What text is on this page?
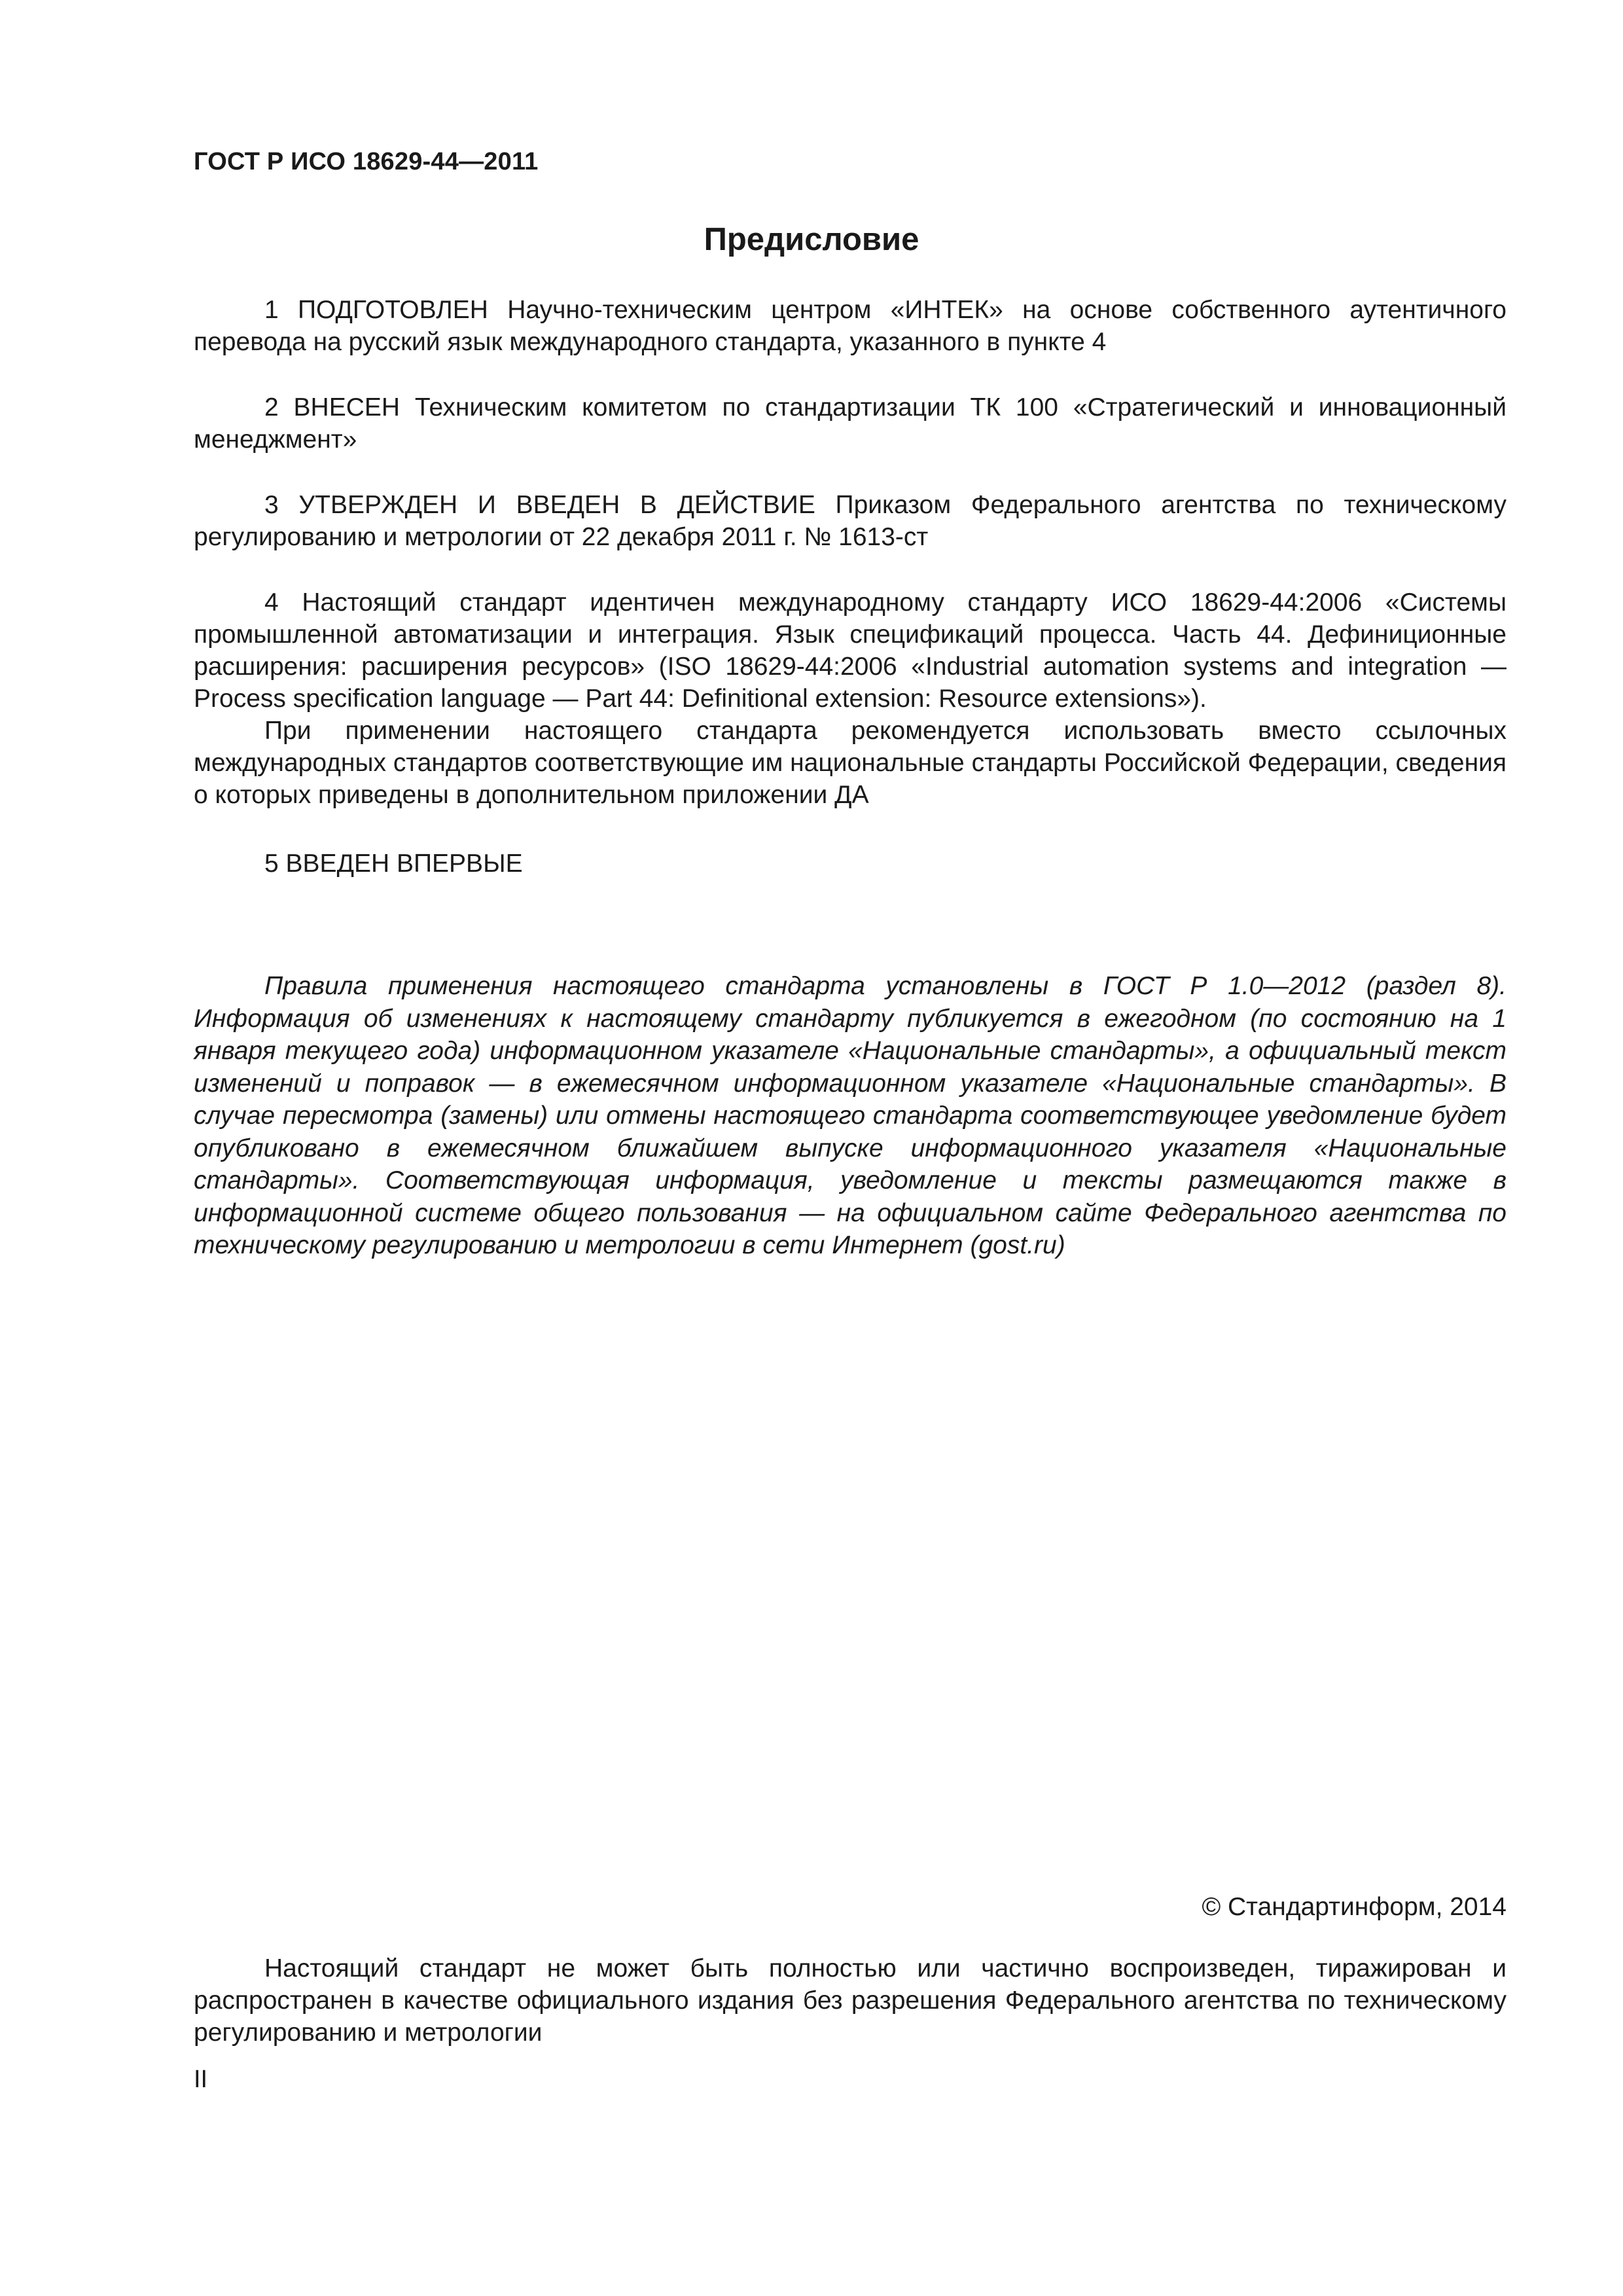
ГОСТ Р ИСО 18629-44—2011
Предисловие

1 ПОДГОТОВЛЕН Научно-техническим центром «ИНТЕК» на основе собственного аутентичного перевода на русский язык международного стандарта, указанного в пункте 4

2 ВНЕСЕН Техническим комитетом по стандартизации ТК 100 «Стратегический и инновационный менеджмент»

3 УТВЕРЖДЕН И ВВЕДЕН В ДЕЙСТВИЕ Приказом Федерального агентства по техническому регулированию и метрологии от 22 декабря 2011 г. № 1613-ст

4 Настоящий стандарт идентичен международному стандарту ИСО 18629-44:2006 «Системы промышленной автоматизации и интеграция. Язык спецификаций процесса. Часть 44. Дефиниционные расширения: расширения ресурсов» (ISO 18629-44:2006 «Industrial automation systems and integration — Process specification language — Part 44: Definitional extension: Resource extensions»).

При применении настоящего стандарта рекомендуется использовать вместо ссылочных международных стандартов соответствующие им национальные стандарты Российской Федерации, сведения о которых приведены в дополнительном приложении ДА

5 ВВЕДЕН ВПЕРВЫЕ

Правила применения настоящего стандарта установлены в ГОСТ Р 1.0—2012 (раздел 8). Информация об изменениях к настоящему стандарту публикуется в ежегодном (по состоянию на 1 января текущего года) информационном указателе «Национальные стандарты», а официальный текст изменений и поправок — в ежемесячном информационном указателе «Национальные стандарты». В случае пересмотра (замены) или отмены настоящего стандарта соответствующее уведомление будет опубликовано в ежемесячном ближайшем выпуске информационного указателя «Национальные стандарты». Соответствующая информация, уведомление и тексты размещаются также в информационной системе общего пользования — на официальном сайте Федерального агентства по техническому регулированию и метрологии в сети Интернет (gost.ru)

© Стандартинформ, 2014

Настоящий стандарт не может быть полностью или частично воспроизведен, тиражирован и распространен в качестве официального издания без разрешения Федерального агентства по техническому регулированию и метрологии

II
